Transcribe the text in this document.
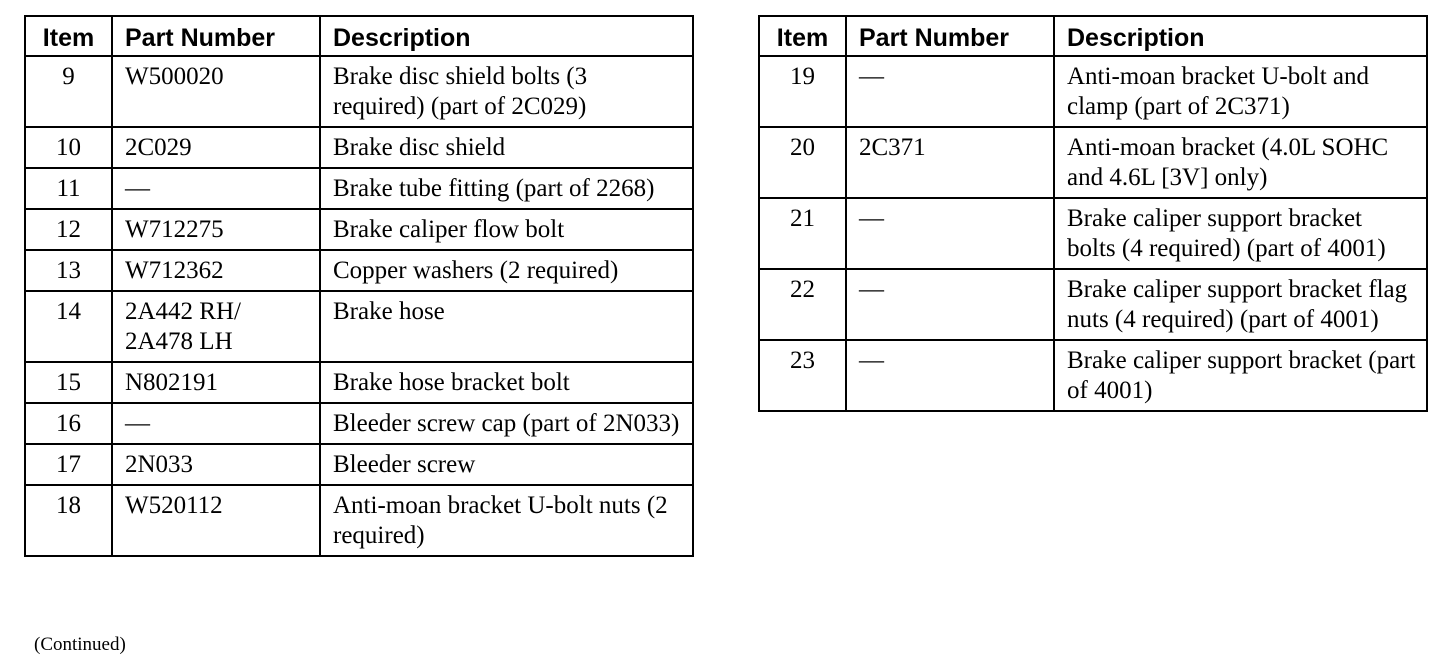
Item	Part Number	Description
9	W500020	Brake disc shield bolts (3 required) (part of 2C029)
10	2C029	Brake disc shield
11	—	Brake tube fitting (part of 2268)
12	W712275	Brake caliper flow bolt
13	W712362	Copper washers (2 required)
14	2A442 RH/ 2A478 LH	Brake hose
15	N802191	Brake hose bracket bolt
16	—	Bleeder screw cap (part of 2N033)
17	2N033	Bleeder screw
18	W520112	Anti-moan bracket U-bolt nuts (2 required)
Item	Part Number	Description
19	—	Anti-moan bracket U-bolt and clamp (part of 2C371)
20	2C371	Anti-moan bracket (4.0L SOHC and 4.6L [3V] only)
21	—	Brake caliper support bracket bolts (4 required) (part of 4001)
22	—	Brake caliper support bracket flag nuts (4 required) (part of 4001)
23	—	Brake caliper support bracket (part of 4001)
(Continued)
